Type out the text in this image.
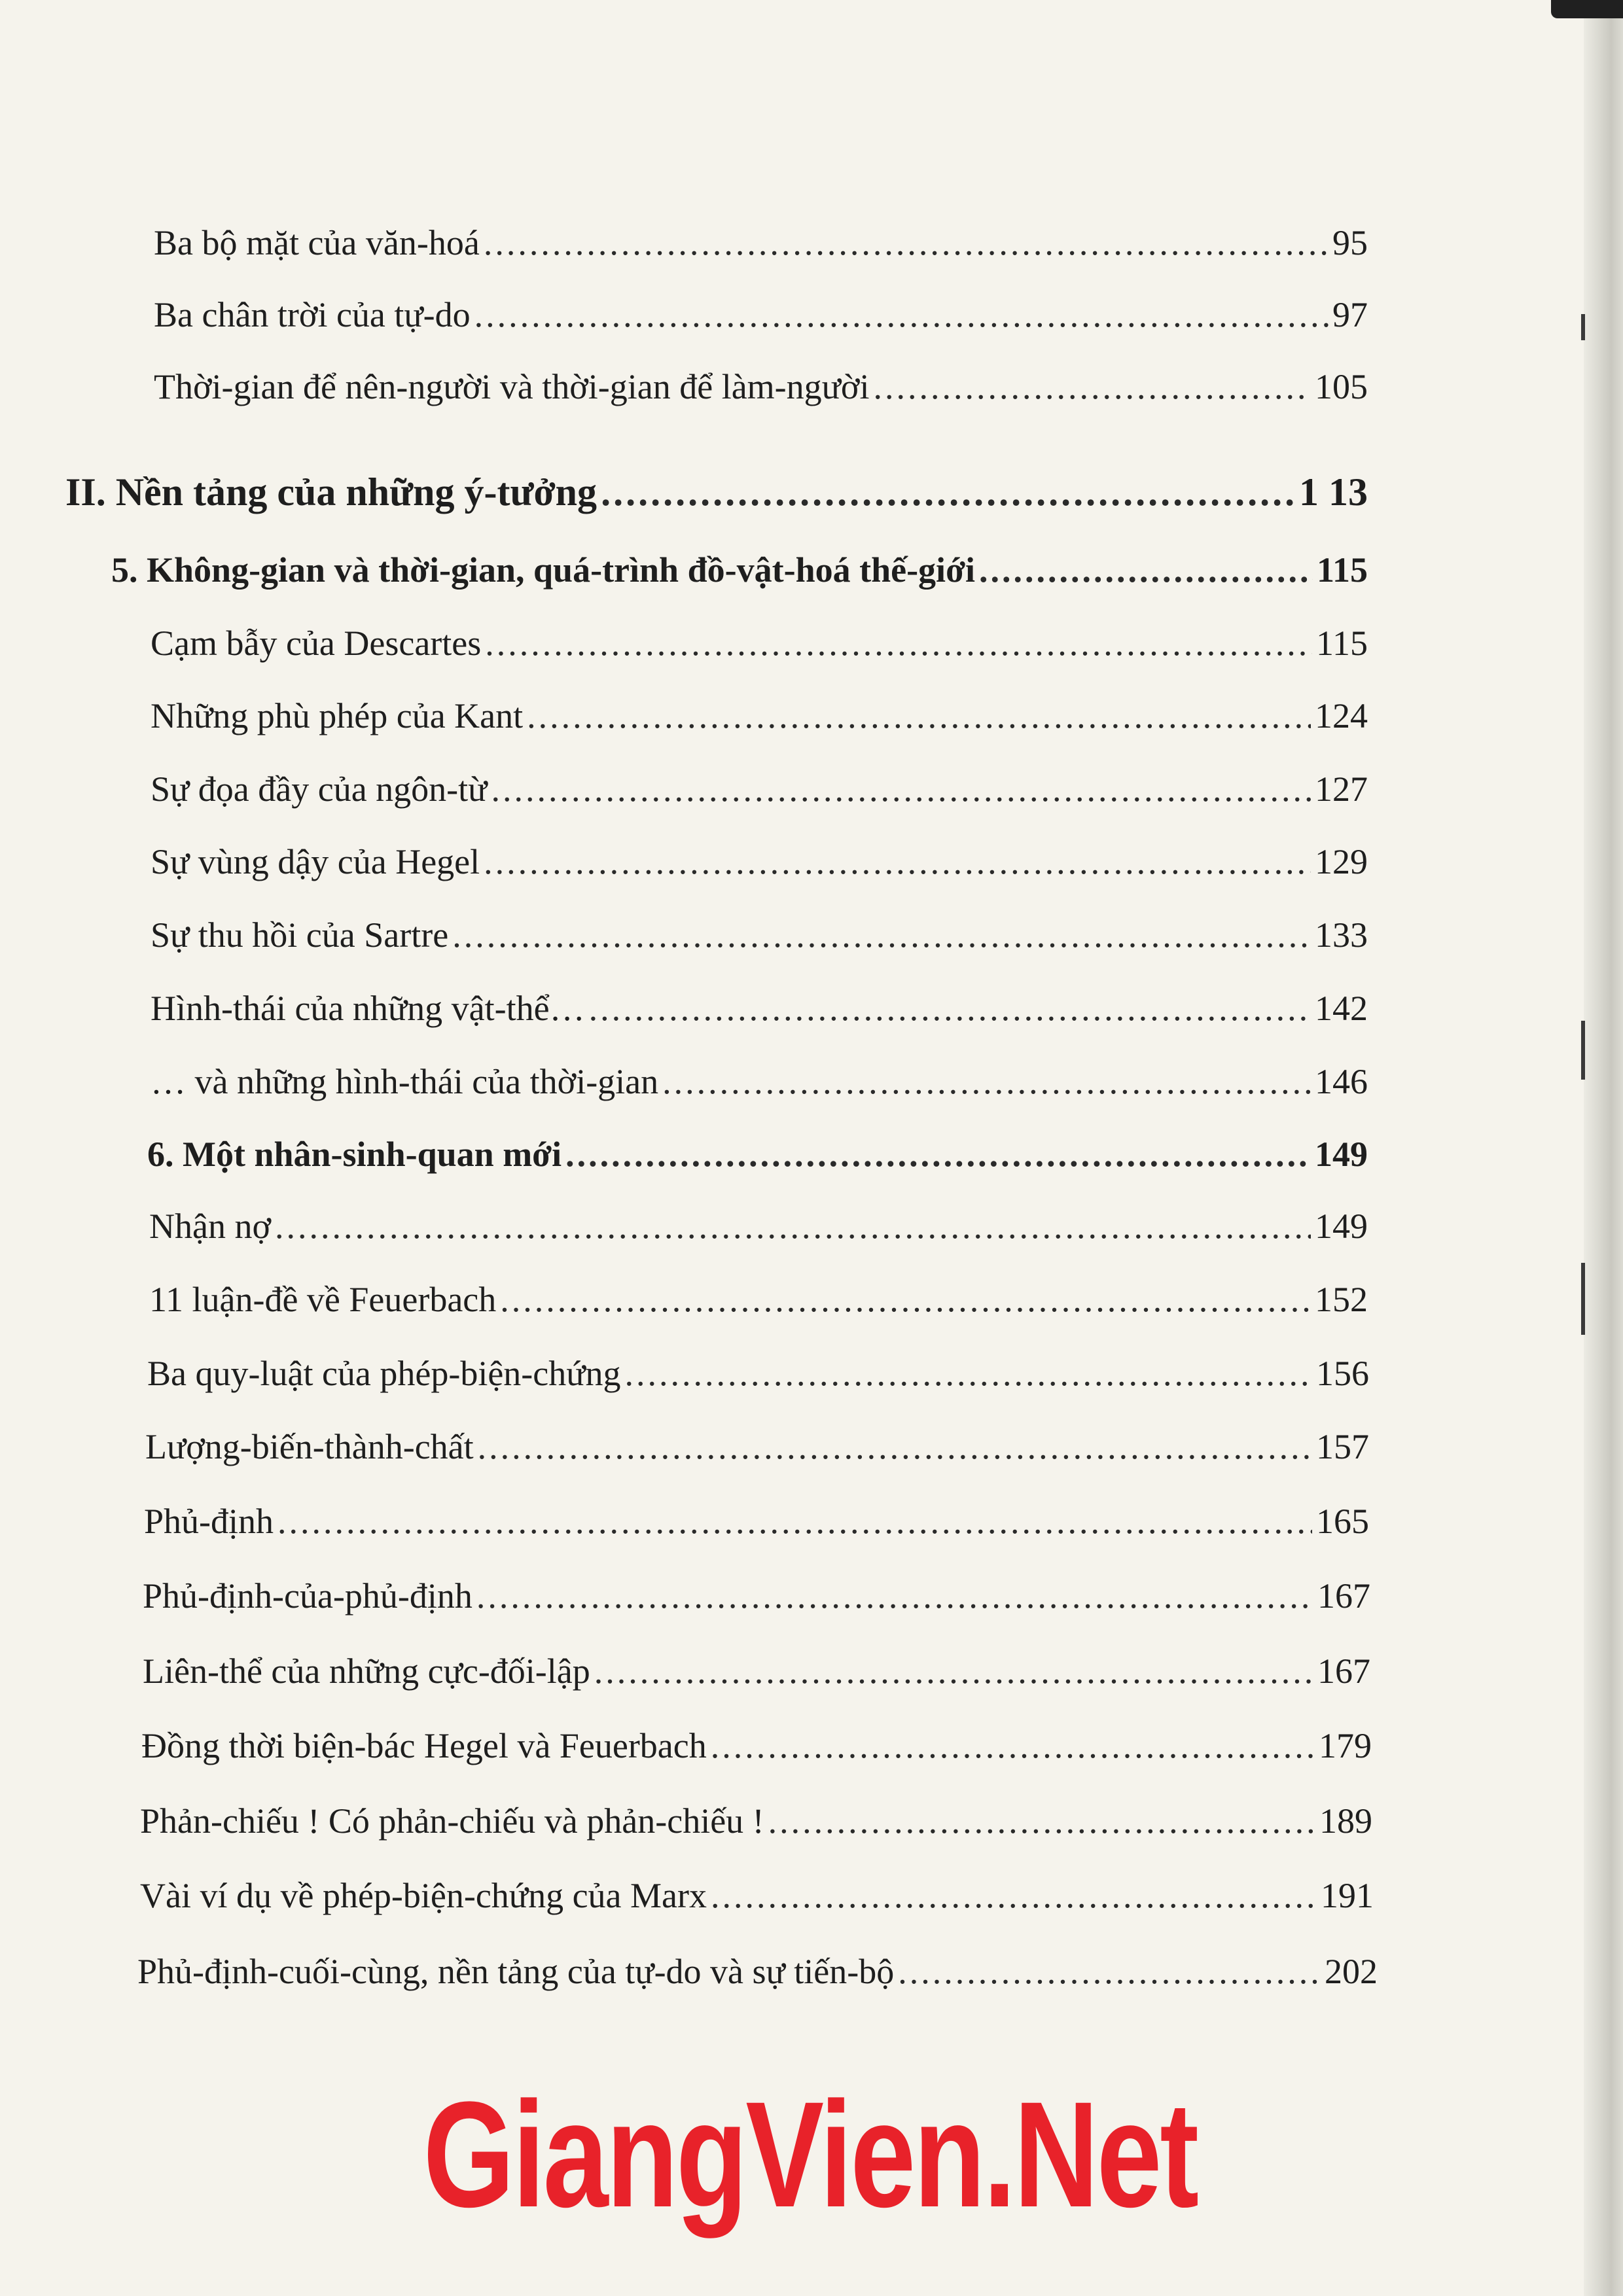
Ba bộ mặt của văn-hoá .....	95
Ba chân trời của tự-do .....	97
Thời-gian để nên-người và thời-gian để làm-người .....	105
II. Nền tảng của những ý-tưởng .....	1 13
5. Không-gian và thời-gian, quá-trình đồ-vật-hoá thế-giới .....	115
Cạm bẫy của Descartes .....	115
Những phù phép của Kant .....	124
Sự đọa đầy của ngôn-từ .....	127
Sự vùng dậy của Hegel .....	129
Sự thu hồi của Sartre .....	133
Hình-thái của những vật-thể… .....	142
… và những hình-thái của thời-gian .....	146
6. Một nhân-sinh-quan mới .....	149
Nhận nợ .....	149
11 luận-đề về Feuerbach .....	152
Ba quy-luật của phép-biện-chứng .....	156
Lượng-biến-thành-chất .....	157
Phủ-định .....	165
Phủ-định-của-phủ-định .....	167
Liên-thể của những cực-đối-lập .....	167
Đồng thời biện-bác Hegel và Feuerbach .....	179
Phản-chiếu ! Có phản-chiếu và phản-chiếu ! .....	189
Vài ví dụ về phép-biện-chứng của Marx .....	191
Phủ-định-cuối-cùng, nền tảng của tự-do và sự tiến-bộ .....	202
GiangVien.Net
